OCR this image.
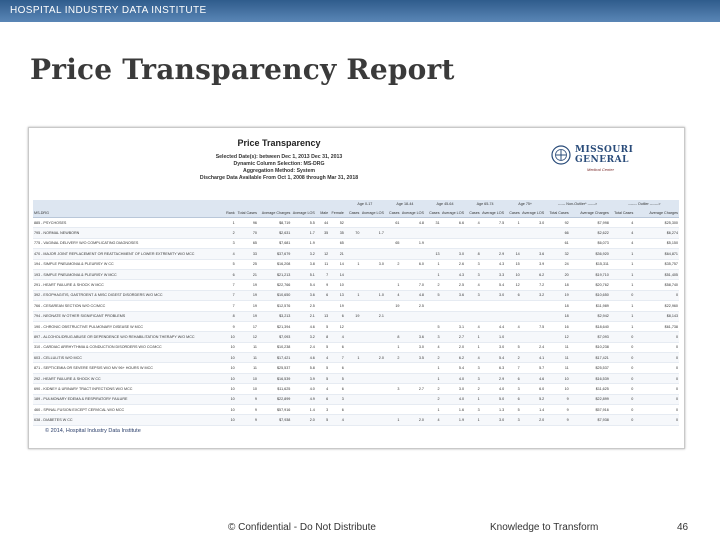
HOSPITAL INDUSTRY DATA INSTITUTE
Price Transparency Report
Price Transparency
Selected Date(s): between Dec 1, 2013 Dec 31, 2013
Dynamic Column Selection: MS-DRG
Aggregation Method: System
Discharge Data Available From Oct 1, 2008 through Mar 31, 2018
MISSOURI
GENERAL
Medical Center
							Age 0-17		Age 18-44		Age 45-64		Age 65-74		Age 75+		------ Non-Outlier* ------>		------- Outlier ------->	
MS-DRG	Rank	Total Cases	Average Charges	Average LOS	Male	Female	Cases	Average LOS	Cases	Average LOS	Cases	Average LOS	Cases	Average LOS	Cases	Average LOS	Total Cases	Average Charges	Total Cases	Average Charges
885 - PSYCHOSES	1	96	$8,719	5.5	44	52			61	4.8	31	6.6	4	7.5	1	3.0	92	$7,998	4	$25,300
795 - NORMAL NEWBORN	2	70	$2,631	1.7	35	35	70	1.7									66	$2,622	4	$6,274
775 - VAGINAL DELIVERY W/O COMPLICATING DIAGNOSES	3	65	$7,681	1.9		65			65	1.9							61	$6,073	4	$5,150
470 - MAJOR JOINT REPLACEMENT OR REATTACHMENT OF LOWER EXTREMITY W/O MCC	4	33	$37,679	3.2	12	21					13	3.0	8	2.9	14	3.6	32	$36,920	1	$64,871
194 - SIMPLE PNEUMONIA & PLEURISY W CC	5	25	$16,208	3.8	11	14	1	3.0	2	6.0	1	2.6	3	4.3	15	3.9	24	$15,311	1	$35,757
193 - SIMPLE PNEUMONIA & PLEURISY W MCC	6	21	$21,213	5.1	7	14					1	4.3	3	3.3	10	6.2	20	$19,710	1	$51,405
291 - HEART FAILURE & SHOCK W MCC	7	19	$22,766	5.4	9	10			1	7.0	2	2.5	4	5.4	12	7.2	18	$20,762	1	$58,740
392 - ESOPHAGITIS, GASTROENT & MISC DIGEST DISORDERS W/O MCC	7	19	$10,650	3.6	6	13	1	1.0	4	4.8	5	3.6	3	3.0	6	3.2	19	$10,650	0	0
766 - CESAREAN SECTION W/O CC/MCC	7	19	$12,576	2.5		19			19	2.5							18	$11,989	1	$22,960
794 - NEONATE W OTHER SIGNIFICANT PROBLEMS	8	19	$3,213	2.1	13	6	19	2.1									18	$2,942	1	$8,143
190 - CHRONIC OBSTRUCTIVE PULMONARY DISEASE W MCC	9	17	$21,394	4.6	5	12					5	3.1	4	4.4	4	7.5	16	$18,640	1	$61,738
897 - ALCOHOL/DRUG ABUSE OR DEPENDENCE W/O REHABILITATION THERAPY W/O MCC	10	12	$7,093	3.2	8	4			8	3.6	3	2.7	1	1.0			12	$7,093	0	0
310 - CARDIAC ARRHYTHMIA & CONDUCTION DISORDERS W/O CC/MCC	10	11	$10,238	2.4	5	6			1	3.0	4	2.0	1	3.0	5	2.4	11	$10,238	0	0
603 - CELLULITIS W/O MCC	10	11	$17,421	4.6	4	7	1	2.0	2	3.5	2	6.2	4	5.4	2	4.1	11	$17,421	0	0
871 - SEPTICEMIA OR SEVERE SEPSIS W/O MV 96+ HOURS W MCC	10	11	$25,537	5.8	5	6					1	5.4	3	6.3	7	5.7	11	$25,537	0	0
292 - HEART FAILURE & SHOCK W CC	10	10	$16,539	3.9	5	5					1	4.0	3	2.9	6	4.6	10	$16,539	0	0
690 - KIDNEY & URINARY TRACT INFECTIONS W/O MCC	10	10	$11,625	4.0	4	6			3	2.7	2	3.0	2	4.0	3	6.0	10	$11,625	0	0
189 - PULMONARY EDEMA & RESPIRATORY FAILURE	10	9	$22,899	4.9	6	3					2	4.0	1	5.0	6	5.2	9	$22,899	0	0
460 - SPINAL FUSION EXCEPT CERVICAL W/O MCC	10	9	$57,916	1.4	3	6					1	1.6	3	1.3	5	1.4	9	$57,916	0	0
638 - DIABETES W CC	10	9	$7,938	2.0	5	4			1	2.0	4	1.9	1	3.0	3	2.0	9	$7,938	0	0
© 2014, Hospital Industry Data Institute
© Confidential - Do Not Distribute	Knowledge to Transform	46
